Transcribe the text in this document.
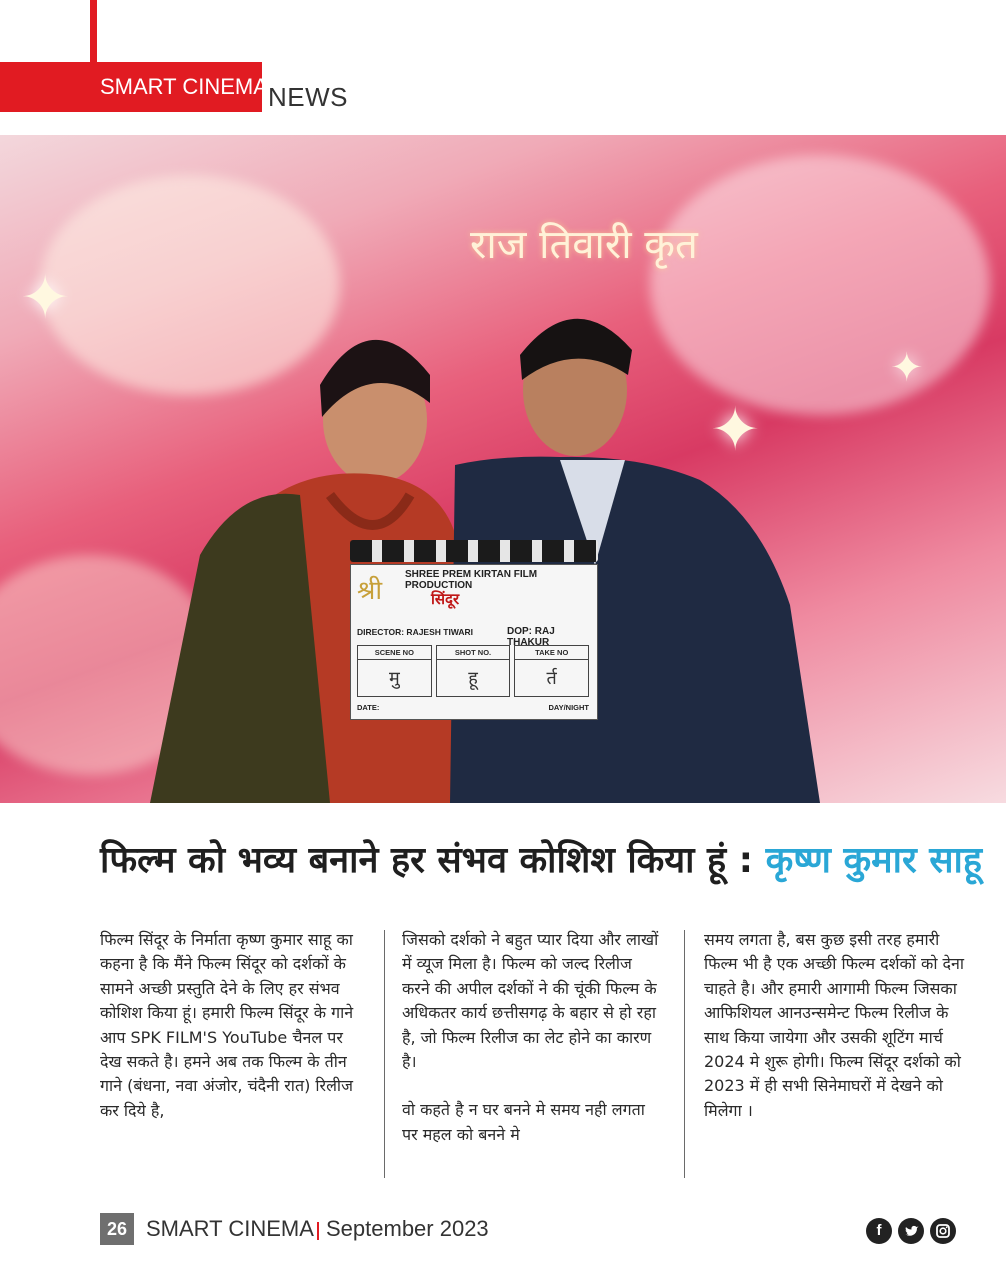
SMART CINEMA NEWS
✦
✦
✦
राज तिवारी कृत
श्री
SHREE PREM KIRTAN FILM PRODUCTION
सिंदूर
DIRECTOR: RAJESH TIWARI	DOP: RAJ THAKUR
SCENE NO
मु
SHOT NO.
हू
TAKE NO
र्त
DATE:	DAY/NIGHT
फिल्म को भव्य बनाने हर संभव कोशिश किया हूं : कृष्ण कुमार साहू

फिल्म सिंदूर के निर्माता कृष्ण कुमार साहू का कहना है कि मैंने फिल्म सिंदूर को दर्शकों के सामने अच्छी प्रस्तुति देने के लिए हर संभव कोशिश किया हूं। हमारी फिल्म सिंदूर के गाने आप SPK FILM'S YouTube चैनल पर देख सकते है। हमने अब तक फिल्म के तीन गाने (बंधना, नवा अंजोर, चंदैनी रात) रिलीज कर दिये है,

जिसको दर्शको ने बहुत प्यार दिया और लाखों में व्यूज मिला है। फिल्म को जल्द रिलीज करने की अपील दर्शकों ने की चूंकी फिल्म के अधिकतर कार्य छत्तीसगढ़ के बहार से हो रहा है, जो फिल्म रिलीज का लेट होने का कारण है।

वो कहते है न घर बनने मे समय नही लगता पर महल को बनने मे

समय लगता है, बस कुछ इसी तरह हमारी फिल्म भी है एक अच्छी फिल्म दर्शकों को देना चाहते है। और हमारी आगामी फिल्म जिसका आफिशियल आनउन्समेन्ट फिल्म रिलीज के साथ किया जायेगा और उसकी शूटिंग मार्च 2024 मे शुरू होगी। फिल्म सिंदूर दर्शको को 2023 में ही सभी सिनेमाघरों में देखने को मिलेगा ।

26 SMART CINEMA September 2023	f
